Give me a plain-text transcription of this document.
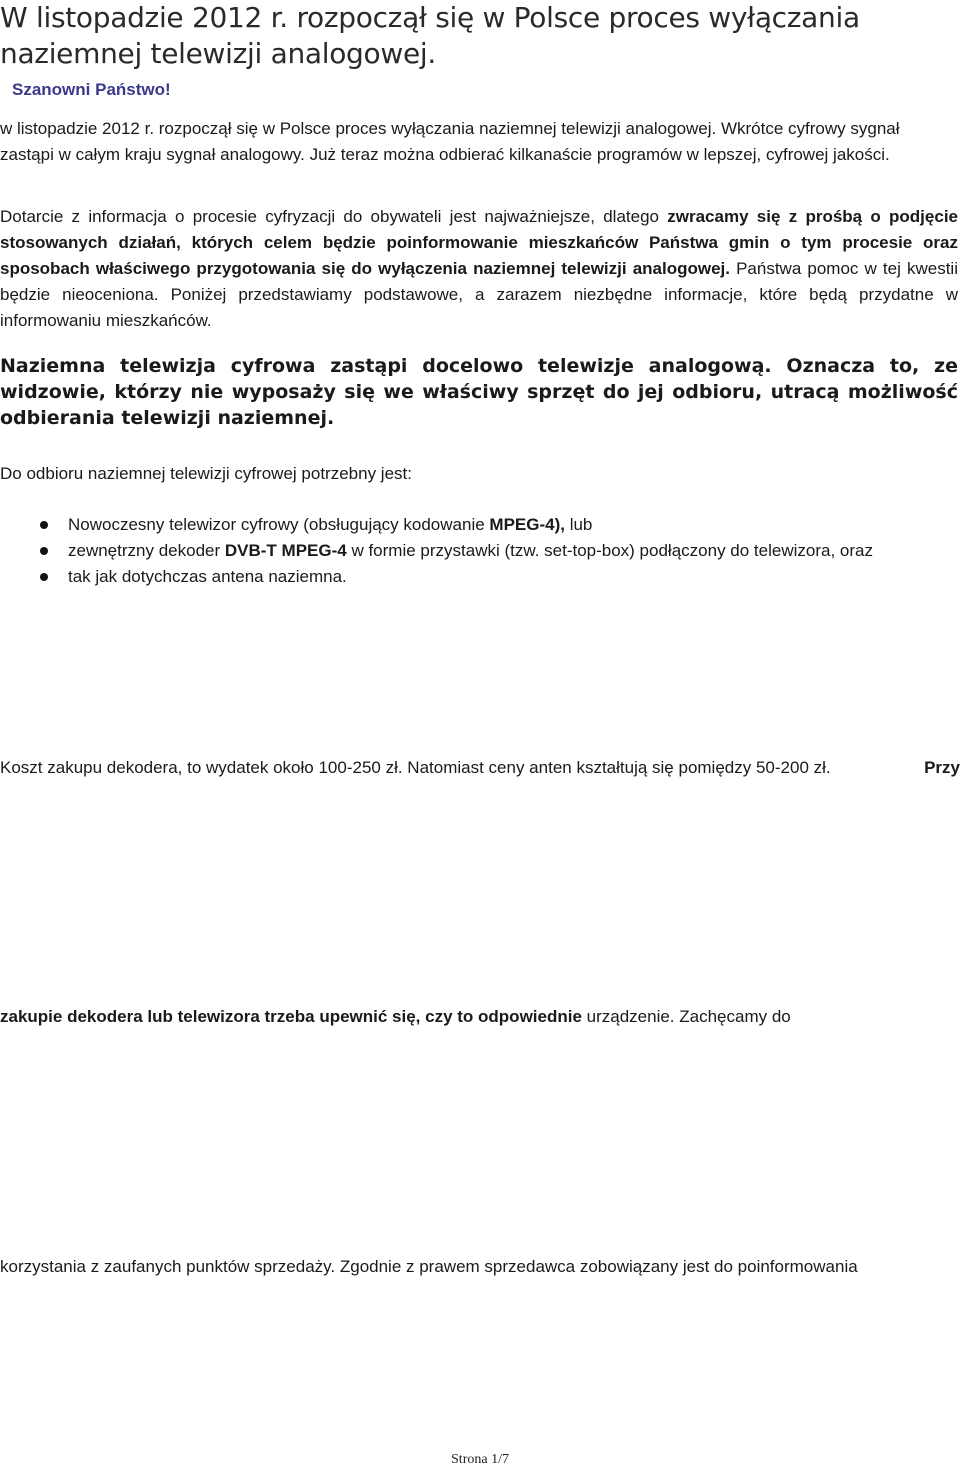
W listopadzie 2012 r. rozpoczął się w Polsce proces wyłączania naziemnej telewizji analogowej.
Szanowni Państwo!

w listopadzie 2012 r. rozpoczął się w Polsce proces wyłączania naziemnej telewizji analogowej. Wkrótce cyfrowy sygnał zastąpi w całym kraju sygnał analogowy. Już teraz można odbierać kilkanaście programów w lepszej, cyfrowej jakości.

Dotarcie z informacja o procesie cyfryzacji do obywateli jest najważniejsze, dlatego zwracamy się z prośbą o podjęcie stosowanych działań, których celem będzie poinformowanie mieszkańców Państwa gmin o tym procesie oraz sposobach właściwego przygotowania się do wyłączenia naziemnej telewizji analogowej. Państwa pomoc w tej kwestii będzie nieoceniona. Poniżej przedstawiamy podstawowe, a zarazem niezbędne informacje, które będą przydatne w informowaniu mieszkańców.

Naziemna telewizja cyfrowa zastąpi docelowo telewizje analogową. Oznacza to, ze widzowie, którzy nie wyposaży się we właściwy sprzęt do jej odbioru, utracą możliwość odbierania telewizji naziemnej.

Do odbioru naziemnej telewizji cyfrowej potrzebny jest:

Nowoczesny telewizor cyfrowy (obsługujący kodowanie MPEG-4), lub
zewnętrzny dekoder DVB-T MPEG-4 w formie przystawki (tzw. set-top-box) podłączony do telewizora, oraz
tak jak dotychczas antena naziemna.

Koszt zakupu dekodera, to wydatek około 100-250 zł. Natomiast ceny anten kształtują się pomiędzy 50-200 zł.	Przy

zakupie dekodera lub telewizora trzeba upewnić się, czy to odpowiednie urządzenie. Zachęcamy do

korzystania z zaufanych punktów sprzedaży. Zgodnie z prawem sprzedawca zobowiązany jest do poinformowania

Strona 1/7
